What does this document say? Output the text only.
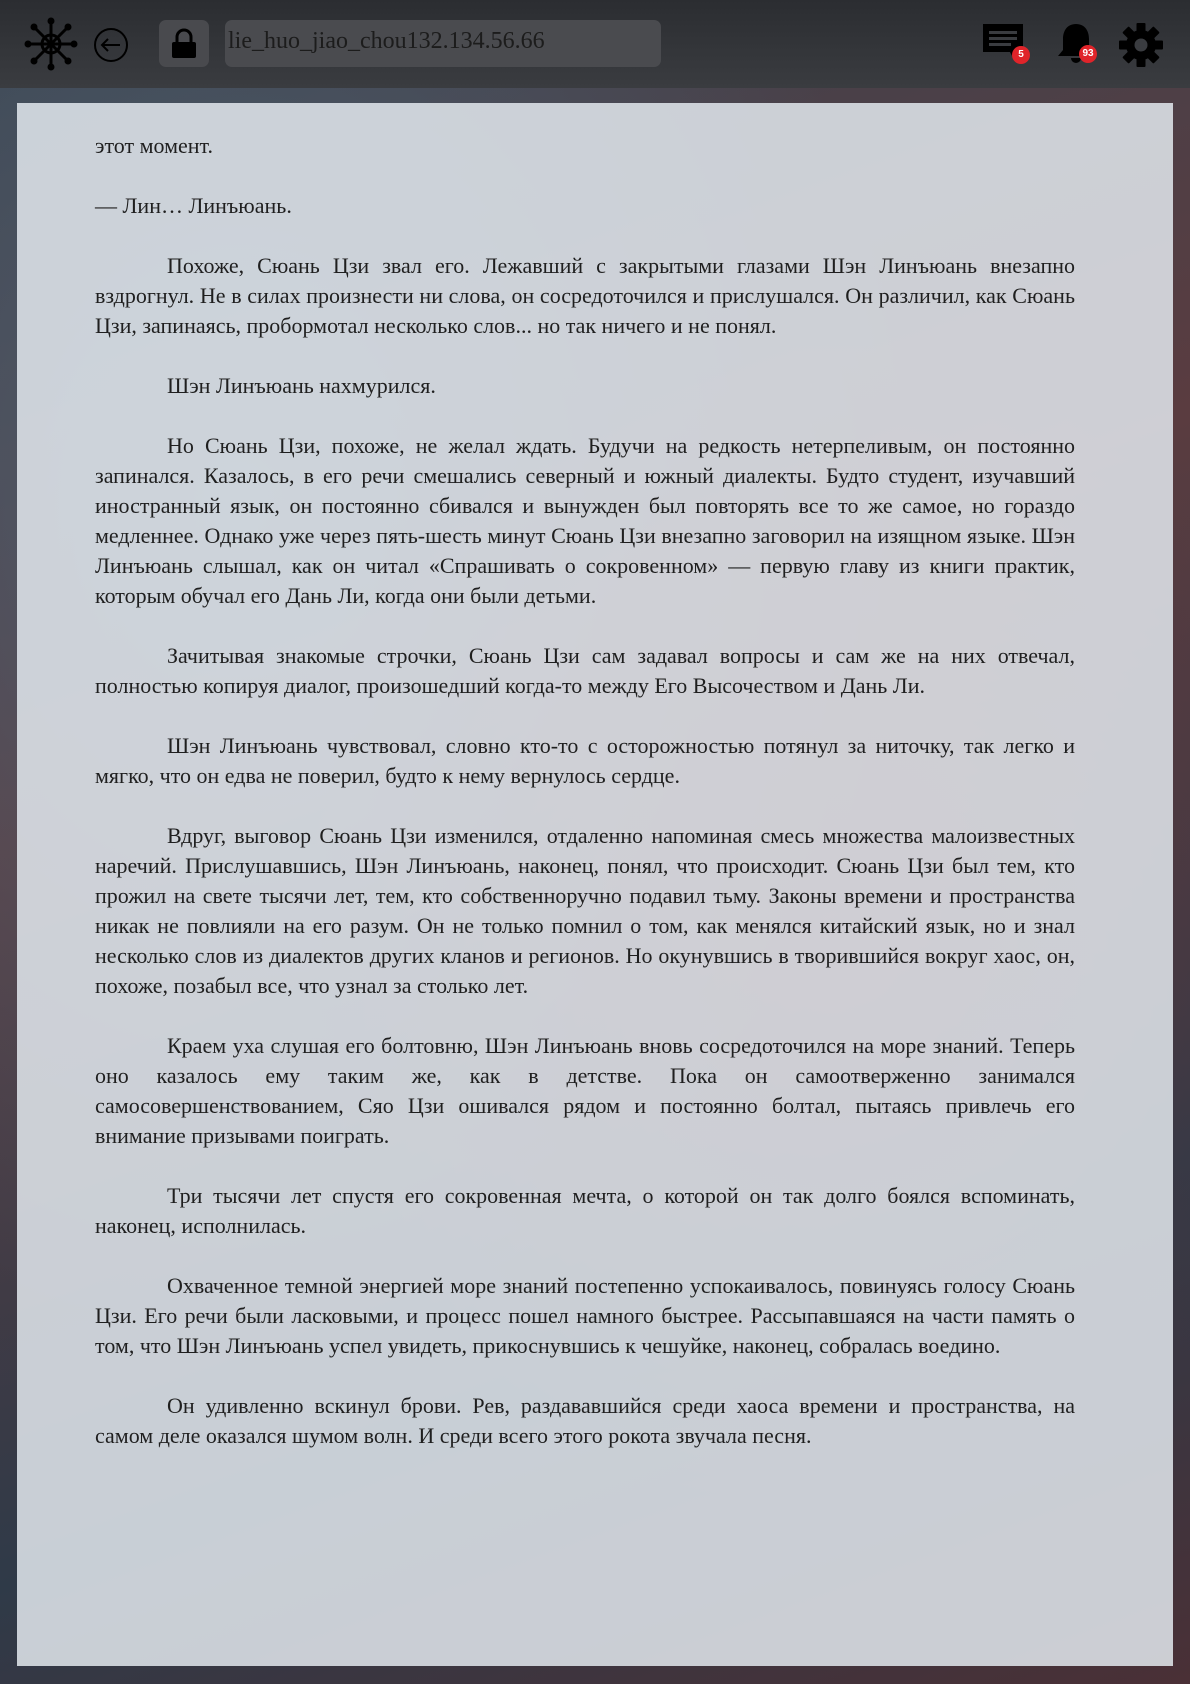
lie_huo_jiao_chou132.134.56.66
5	93

этот момент.

— Лин… Линъюань.

Похоже, Сюань Цзи звал его. Лежавший с закрытыми глазами Шэн Линъюань внезапно вздрогнул. Не в силах произнести ни слова, он сосредоточился и прислушался. Он различил, как Сюань Цзи, запинаясь, пробормотал несколько слов... но так ничего и не понял.

Шэн Линъюань нахмурился.

Но Сюань Цзи, похоже, не желал ждать. Будучи на редкость нетерпеливым, он постоянно запинался. Казалось, в его речи смешались северный и южный диалекты. Будто студент, изучавший иностранный язык, он постоянно сбивался и вынужден был повторять все то же самое, но гораздо медленнее. Однако уже через пять-шесть минут Сюань Цзи внезапно заговорил на изящном языке. Шэн Линъюань слышал, как он читал «Спрашивать о сокровенном» — первую главу из книги практик, которым обучал его Дань Ли, когда они были детьми.

Зачитывая знакомые строчки, Сюань Цзи сам задавал вопросы и сам же на них отвечал, полностью копируя диалог, произошедший когда-то между Его Высочеством и Дань Ли.

Шэн Линъюань чувствовал, словно кто-то с осторожностью потянул за ниточку, так легко и мягко, что он едва не поверил, будто к нему вернулось сердце.

Вдруг, выговор Сюань Цзи изменился, отдаленно напоминая смесь множества малоизвестных наречий. Прислушавшись, Шэн Линъюань, наконец, понял, что происходит. Сюань Цзи был тем, кто прожил на свете тысячи лет, тем, кто собственноручно подавил тьму. Законы времени и пространства никак не повлияли на его разум. Он не только помнил о том, как менялся китайский язык, но и знал несколько слов из диалектов других кланов и регионов. Но окунувшись в творившийся вокруг хаос, он, похоже, позабыл все, что узнал за столько лет.

Краем уха слушая его болтовню, Шэн Линъюань вновь сосредоточился на море знаний. Теперь оно казалось ему таким же, как в детстве. Пока он самоотверженно занимался самосовершенствованием, Сяо Цзи ошивался рядом и постоянно болтал, пытаясь привлечь его внимание призывами поиграть.

Три тысячи лет спустя его сокровенная мечта, о которой он так долго боялся вспоминать, наконец, исполнилась.

Охваченное темной энергией море знаний постепенно успокаивалось, повинуясь голосу Сюань Цзи. Его речи были ласковыми, и процесс пошел намного быстрее. Рассыпавшаяся на части память о том, что Шэн Линъюань успел увидеть, прикоснувшись к чешуйке, наконец, собралась воедино.

Он удивленно вскинул брови. Рев, раздававшийся среди хаоса времени и пространства, на самом деле оказался шумом волн. И среди всего этого рокота звучала песня.
